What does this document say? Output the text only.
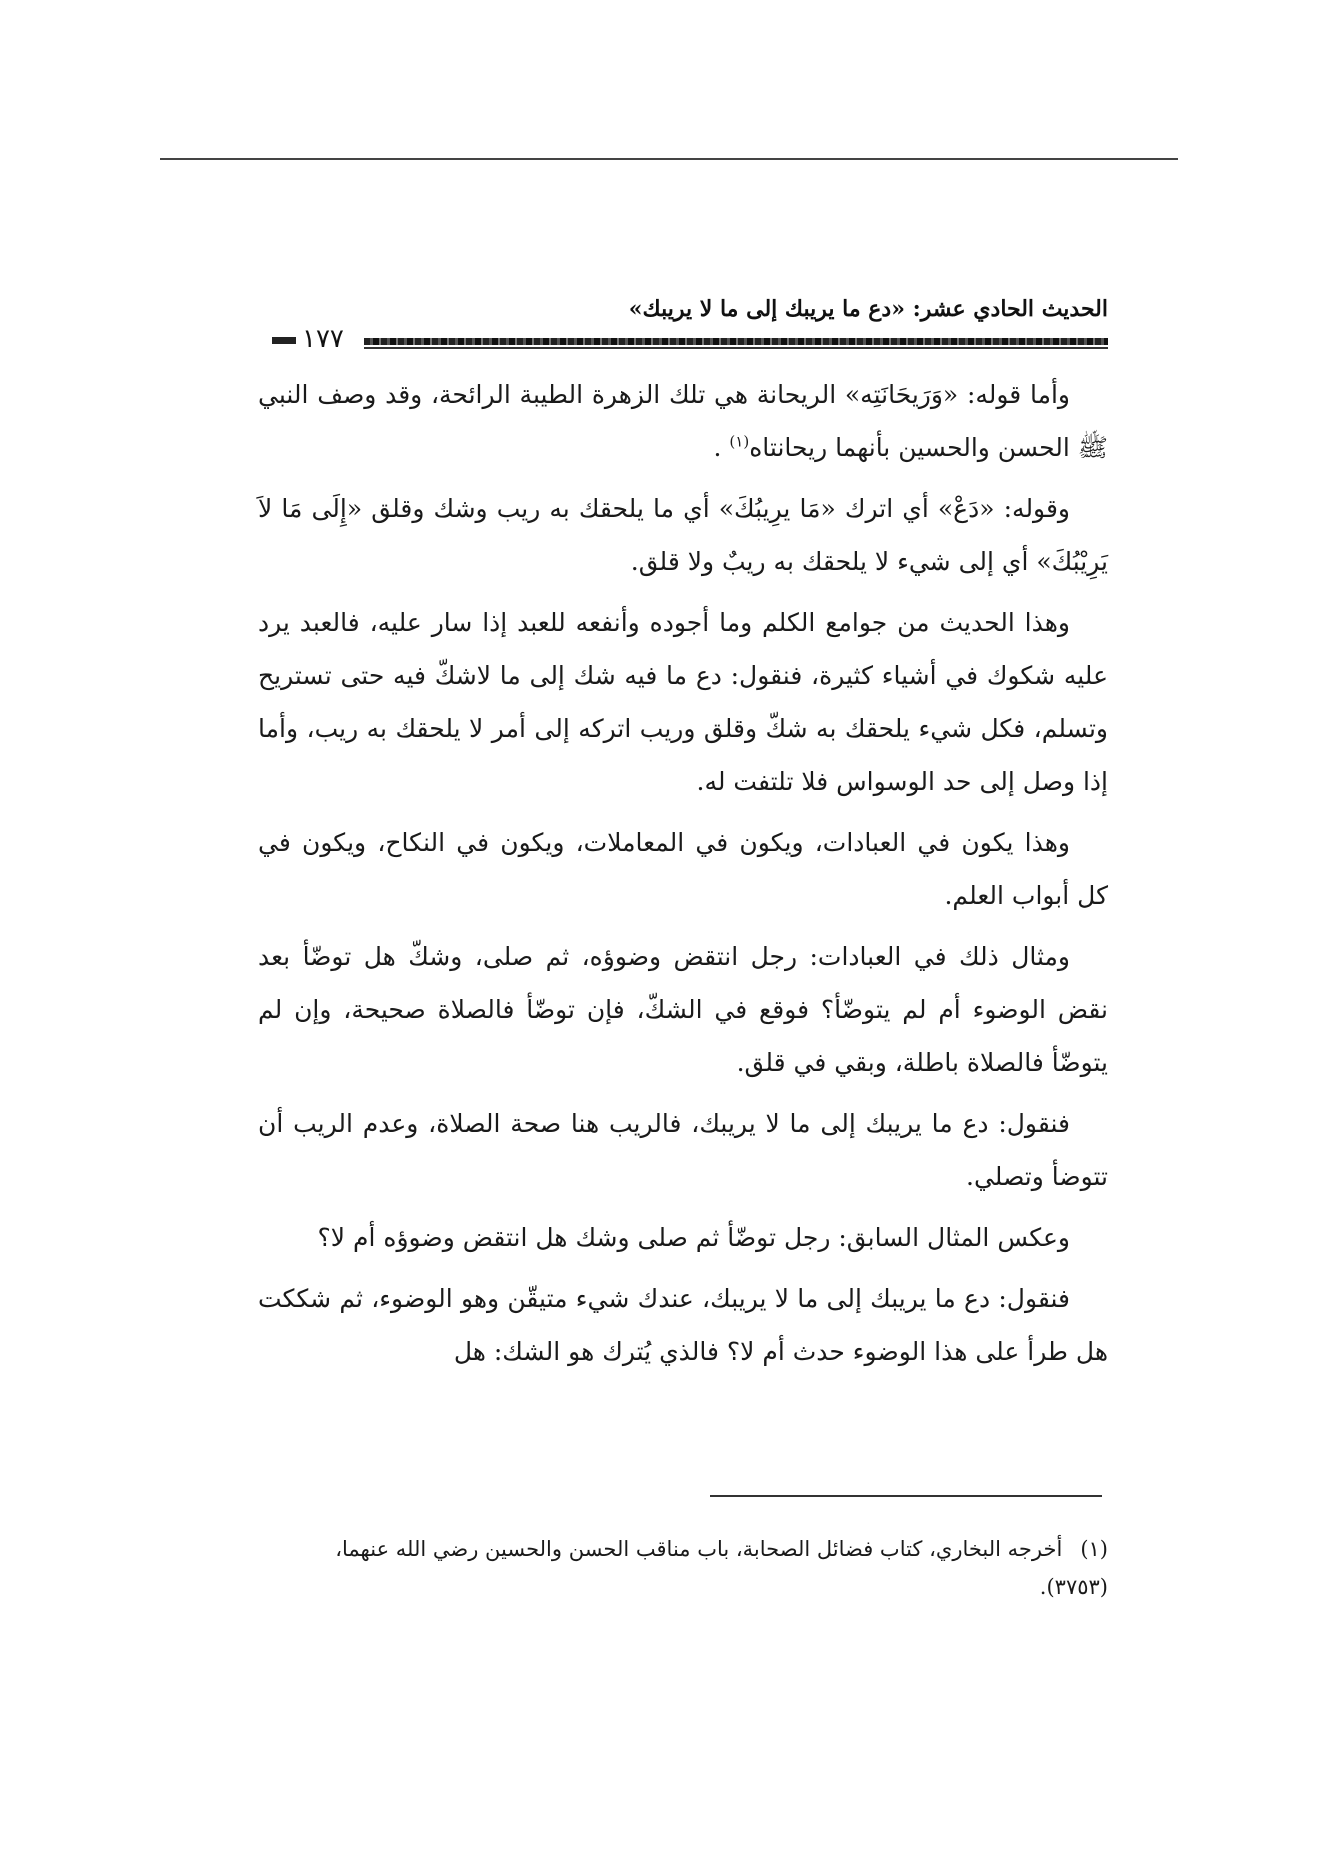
الحديث الحادي عشر: «دع ما يريبك إلى ما لا يريبك»
١٧٧

وأما قوله: «وَرَيحَانَتِه» الريحانة هي تلك الزهرة الطيبة الرائحة، وقد وصف النبي ﷺ الحسن والحسين بأنهما ريحانتاه$^{(١)}$ .

وقوله: «دَعْ» أي اترك «مَا يرِيبُكَ» أي ما يلحقك به ريب وشك وقلق «إِلَى مَا لاَ يَرِيْبُكَ» أي إلى شيء لا يلحقك به ريبٌ ولا قلق.

وهذا الحديث من جوامع الكلم وما أجوده وأنفعه للعبد إذا سار عليه، فالعبد يرد عليه شكوك في أشياء كثيرة، فنقول: دع ما فيه شك إلى ما لاشكّ فيه حتى تستريح وتسلم، فكل شيء يلحقك به شكّ وقلق وريب اتركه إلى أمر لا يلحقك به ريب، وأما إذا وصل إلى حد الوسواس فلا تلتفت له.

وهذا يكون في العبادات، ويكون في المعاملات، ويكون في النكاح، ويكون في كل أبواب العلم.

ومثال ذلك في العبادات: رجل انتقض وضوؤه، ثم صلى، وشكّ هل توضّأ بعد نقض الوضوء أم لم يتوضّأ؟ فوقع في الشكّ، فإن توضّأ فالصلاة صحيحة، وإن لم يتوضّأ فالصلاة باطلة، وبقي في قلق.

فنقول: دع ما يريبك إلى ما لا يريبك، فالريب هنا صحة الصلاة، وعدم الريب أن تتوضأ وتصلي.

وعكس المثال السابق: رجل توضّأ ثم صلى وشك هل انتقض وضوؤه أم لا؟

فنقول: دع ما يريبك إلى ما لا يريبك، عندك شيء متيقّن وهو الوضوء، ثم شككت هل طرأ على هذا الوضوء حدث أم لا؟ فالذي يُترك هو الشك: هل

(١)أخرجه البخاري، كتاب فضائل الصحابة، باب مناقب الحسن والحسين رضي الله عنهما، (٣٧٥٣).
